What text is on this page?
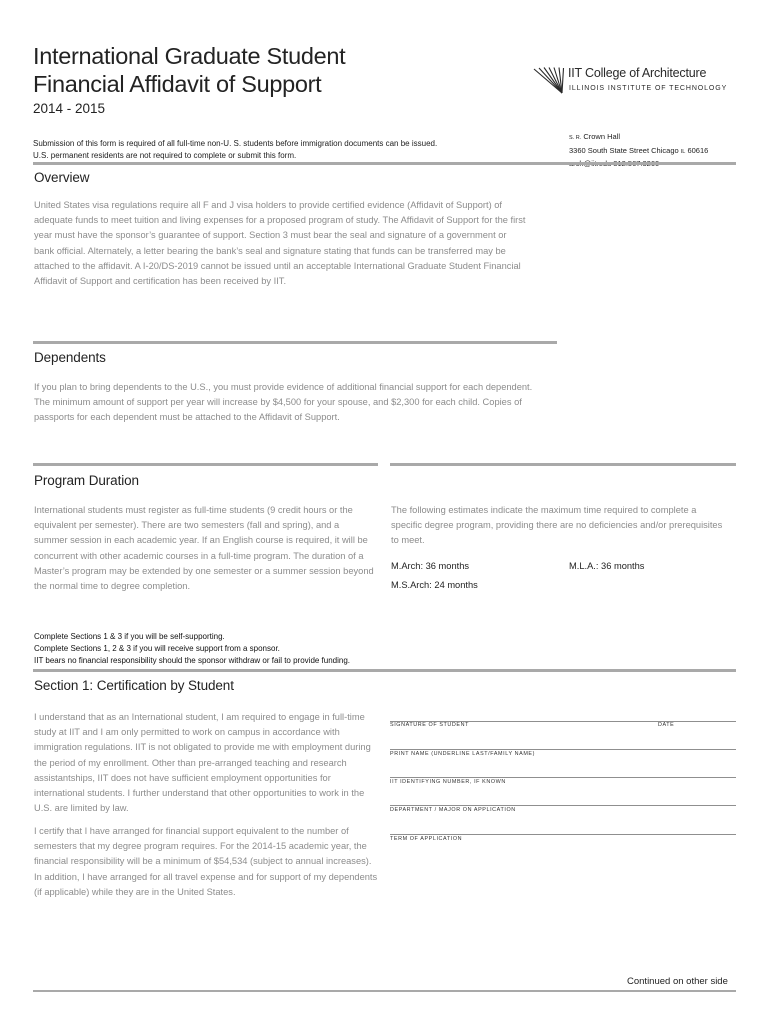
International Graduate Student
Financial Affidavit of Support
2014 - 2015
Submission of this form is required of all full-time non-U. S. students before immigration documents can be issued.
U.S. permanent residents are not required to complete or submit this form.
IIT College of Architecture
ILLINOIS INSTITUTE OF TECHNOLOGY
S. R. Crown Hall
3360 South State Street Chicago IL 60616
Overview
United States visa regulations require all F and J visa holders to provide certified evidence (Affidavit of Support) of adequate funds to meet tuition and living expenses for a proposed program of study. The Affidavit of Support for the first year must have the sponsor’s guarantee of support. Section 3 must bear the seal and signature of a government or bank official. Alternately, a letter bearing the bank’s seal and signature stating that funds can be transferred may be attached to the affidavit. A I-20/DS-2019 cannot be issued until an acceptable International Graduate Student Financial Affidavit of Support and certification has been received by IIT.
Dependents
If you plan to bring dependents to the U.S., you must provide evidence of additional financial support for each dependent. The minimum amount of support per year will increase by $4,500 for your spouse, and $2,300 for each child. Copies of passports for each dependent must be attached to the Affidavit of Support.
Program Duration
International students must register as full-time students (9 credit hours or the equivalent per semester). There are two semesters (fall and spring), and a summer session in each academic year. If an English course is required, it will be concurrent with other academic courses in a full-time program. The duration of a Master’s program may be extended by one semester or a summer session beyond the normal time to degree completion.
The following estimates indicate the maximum time required to complete a specific degree program, providing there are no deficiencies and/or prerequisites to meet.
M.Arch: 36 months	M.L.A.: 36 months
M.S.Arch: 24 months
Complete Sections 1 & 3 if you will be self-supporting.
Complete Sections 1, 2 & 3 if you will receive support from a sponsor.
IIT bears no financial responsibility should the sponsor withdraw or fail to provide funding.
Section 1: Certification by Student
I understand that as an International student, I am required to engage in full-time study at IIT and I am only permitted to work on campus in accordance with immigration regulations. IIT is not obligated to provide me with employment during the period of my enrollment. Other than pre-arranged teaching and research assistantships, IIT does not have sufficient employment opportunities for international students. I further understand that other opportunities to work in the U.S. are limited by law.
I certify that I have arranged for financial support equivalent to the number of semesters that my degree program requires. For the 2014-15 academic year, the financial responsibility will be a minimum of $54,534 (subject to annual increases). In addition, I have arranged for all travel expense and for support of my dependents (if applicable) while they are in the United States.
SIGNATURE OF STUDENT	DATE
PRINT NAME (UNDERLINE LAST/FAMILY NAME)
IIT IDENTIFYING NUMBER, IF KNOWN
DEPARTMENT / MAJOR ON APPLICATION
TERM OF APPLICATION
Continued on other side
